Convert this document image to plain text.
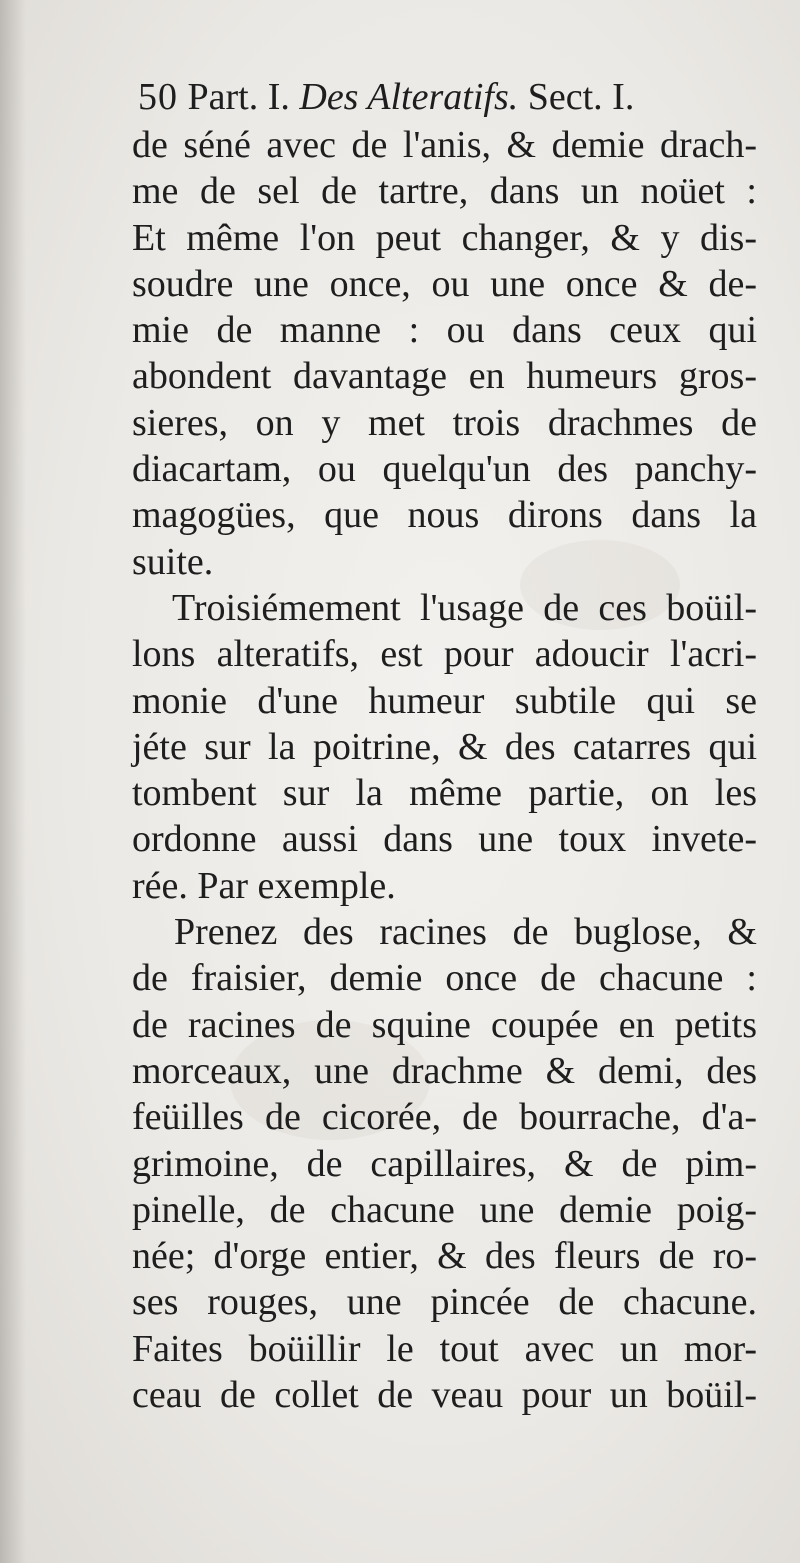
50 Part. I. Des Alteratifs. Sect. I.
de séné avec de l'anis, & demie drach-
me de sel de tartre, dans un noüet :
Et même l'on peut changer, & y dis-
soudre une once, ou une once & de-
mie de manne : ou dans ceux qui
abondent davantage en humeurs gros-
sieres, on y met trois drachmes de
diacartam, ou quelqu'un des panchy-
magogües, que nous dirons dans la
suite.
Troisiémement l'usage de ces boüil-
lons alteratifs, est pour adoucir l'acri-
monie d'une humeur subtile qui se
jéte sur la poitrine, & des catarres qui
tombent sur la même partie, on les
ordonne aussi dans une toux invete-
rée. Par exemple.
Prenez des racines de buglose, &
de fraisier, demie once de chacune :
de racines de squine coupée en petits
morceaux, une drachme & demi, des
feüilles de cicorée, de bourrache, d'a-
grimoine, de capillaires, & de pim-
pinelle, de chacune une demie poig-
née; d'orge entier, & des fleurs de ro-
ses rouges, une pincée de chacune.
Faites boüillir le tout avec un mor-
ceau de collet de veau pour un boüil-
